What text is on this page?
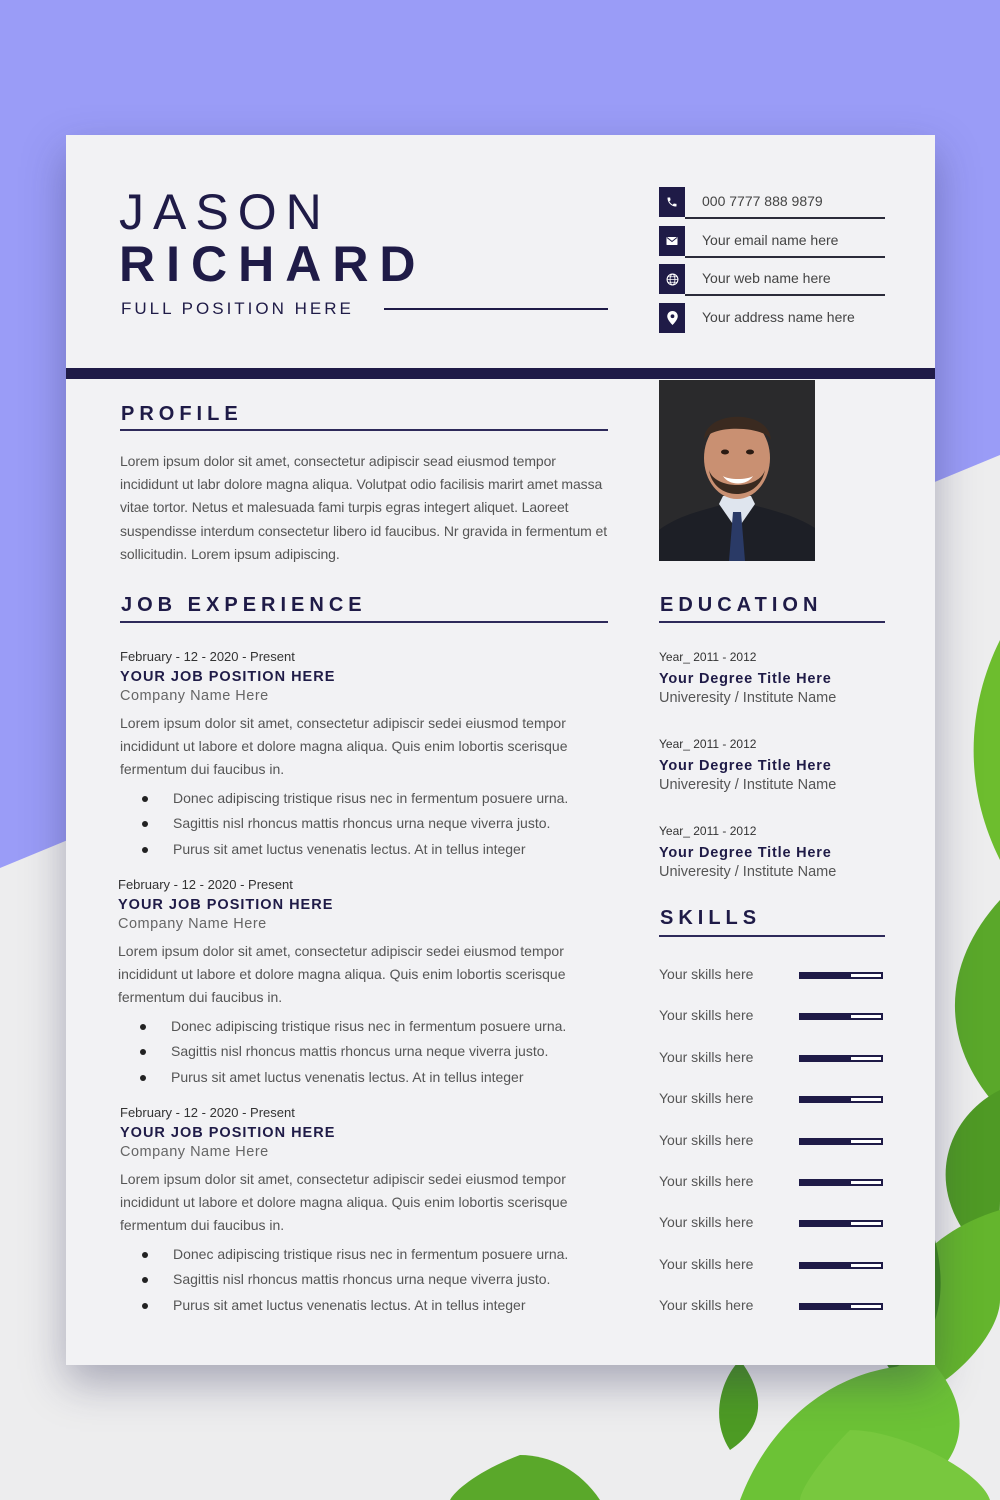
JASON
RICHARD
FULL POSITION HERE
000 7777 888 9879
Your email name here
Your web name here
Your address name here
PROFILE
Lorem ipsum dolor sit amet, consectetur adipiscir sead eiusmod tempor incididunt ut labr dolore magna aliqua. Volutpat odio facilisis marirt amet massa vitae tortor. Netus et malesuada fami turpis egras integert aliquet. Laoreet suspendisse interdum consectetur libero id faucibus. Nr gravida in fermentum et sollicitudin. Lorem ipsum adipiscing.
JOB EXPERIENCE
February - 12 - 2020 - Present
YOUR JOB POSITION HERE
Company Name Here
Lorem ipsum dolor sit amet, consectetur adipiscir sedei eiusmod tempor incididunt ut labore et dolore magna aliqua. Quis enim lobortis scerisque fermentum dui faucibus in.
Donec adipiscing tristique risus nec in fermentum posuere urna.
Sagittis nisl rhoncus mattis rhoncus urna neque viverra justo.
Purus sit amet luctus venenatis lectus. At in tellus integer
February - 12 - 2020 - Present
YOUR JOB POSITION HERE
Company Name Here
Lorem ipsum dolor sit amet, consectetur adipiscir sedei eiusmod tempor incididunt ut labore et dolore magna aliqua. Quis enim lobortis scerisque fermentum dui faucibus in.
Donec adipiscing tristique risus nec in fermentum posuere urna.
Sagittis nisl rhoncus mattis rhoncus urna neque viverra justo.
Purus sit amet luctus venenatis lectus. At in tellus integer
February - 12 - 2020 - Present
YOUR JOB POSITION HERE
Company Name Here
Lorem ipsum dolor sit amet, consectetur adipiscir sedei eiusmod tempor incididunt ut labore et dolore magna aliqua. Quis enim lobortis scerisque fermentum dui faucibus in.
Donec adipiscing tristique risus nec in fermentum posuere urna.
Sagittis nisl rhoncus mattis rhoncus urna neque viverra justo.
Purus sit amet luctus venenatis lectus. At in tellus integer
EDUCATION
Year_ 2011 - 2012
Your Degree Title Here
Univeresity / Institute Name
Year_ 2011 - 2012
Your Degree Title Here
Univeresity / Institute Name
Year_ 2011 - 2012
Your Degree Title Here
Univeresity / Institute Name
SKILLS
Your skills here
Your skills here
Your skills here
Your skills here
Your skills here
Your skills here
Your skills here
Your skills here
Your skills here
